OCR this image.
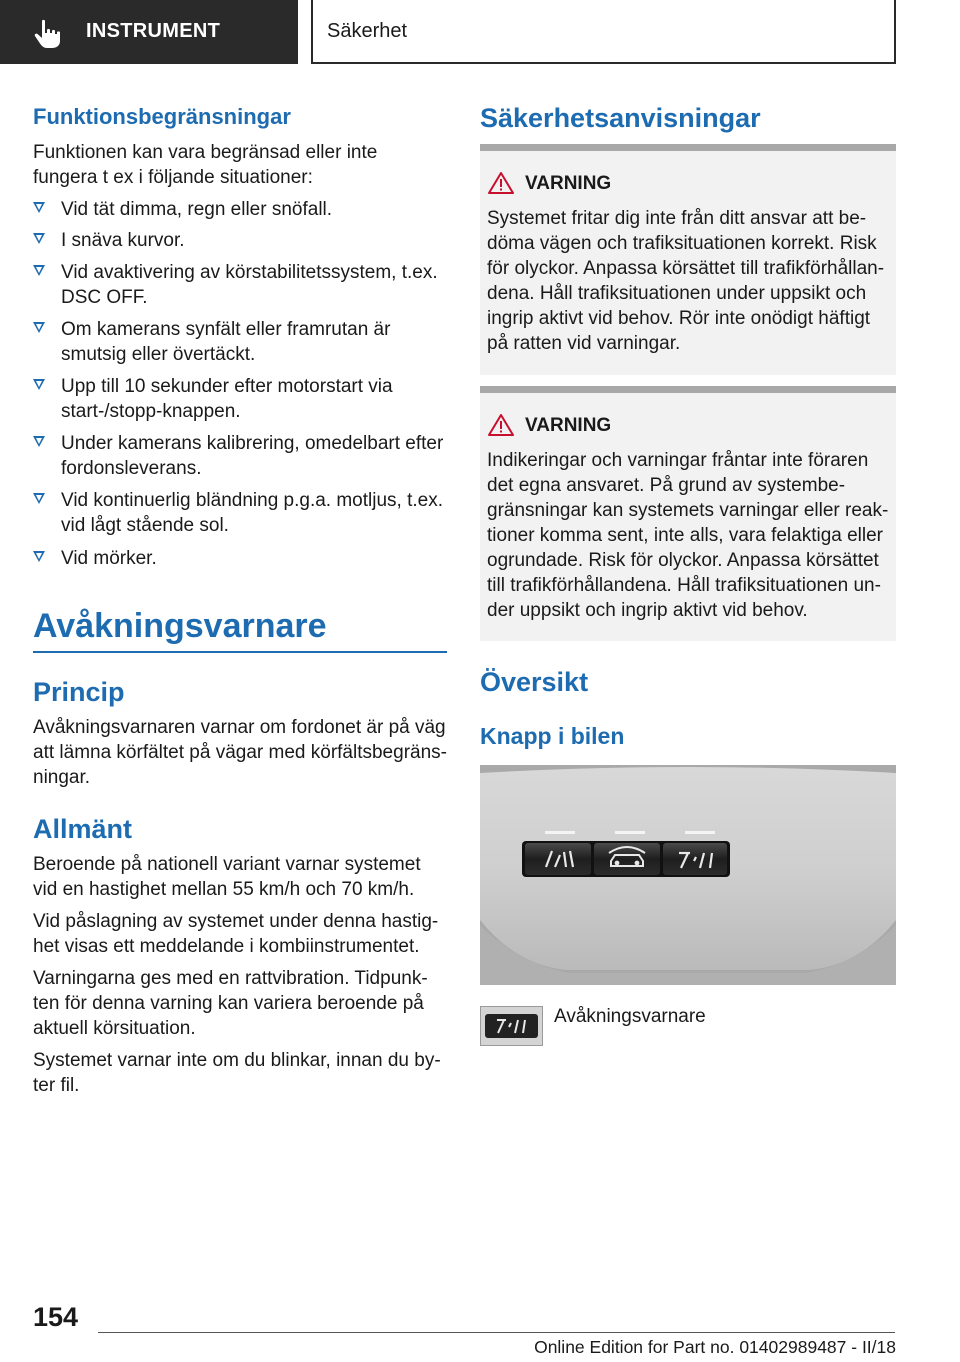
INSTRUMENT	Säkerhet
Funktionsbegränsningar
Funktionen kan vara begränsad eller inte fungera t ex i följande situationer:
Vid tät dimma, regn eller snöfall.
I snäva kurvor.
Vid avaktivering av körstabilitetssystem, t.ex. DSC OFF.
Om kamerans synfält eller framrutan är smutsig eller övertäckt.
Upp till 10 sekunder efter motorstart via start-/stopp-knappen.
Under kamerans kalibrering, omedelbart efter fordonsleverans.
Vid kontinuerlig bländning p.g.a. motljus, t.ex. vid lågt stående sol.
Vid mörker.
Avåkningsvarnare
Princip
Avåkningsvarnaren varnar om fordonet är på väg att lämna körfältet på vägar med körfältsbegräns-ningar.
Allmänt
Beroende på nationell variant varnar systemet vid en hastighet mellan 55 km/h och 70 km/h.
Vid påslagning av systemet under denna hastig-het visas ett meddelande i kombiinstrumentet.
Varningarna ges med en rattvibration. Tidpunk-ten för denna varning kan variera beroende på aktuell körsituation.
Systemet varnar inte om du blinkar, innan du by-ter fil.
Säkerhetsanvisningar
VARNING
Systemet fritar dig inte från ditt ansvar att be-döma vägen och trafiksituationen korrekt. Risk för olyckor. Anpassa körsättet till trafikförhållan-dena. Håll trafiksituationen under uppsikt och ingrip aktivt vid behov. Rör inte onödigt häftigt på ratten vid varningar.
VARNING
Indikeringar och varningar fråntar inte föraren det egna ansvaret. På grund av systembe-gränsningar kan systemets varningar eller reak-tioner komma sent, inte alls, vara felaktiga eller ogrundade. Risk för olyckor. Anpassa körsättet till trafikförhållandena. Håll trafiksituationen un-der uppsikt och ingrip aktivt vid behov.
Översikt
Knapp i bilen
Avåkningsvarnare
154
Online Edition for Part no. 01402989487 - II/18
